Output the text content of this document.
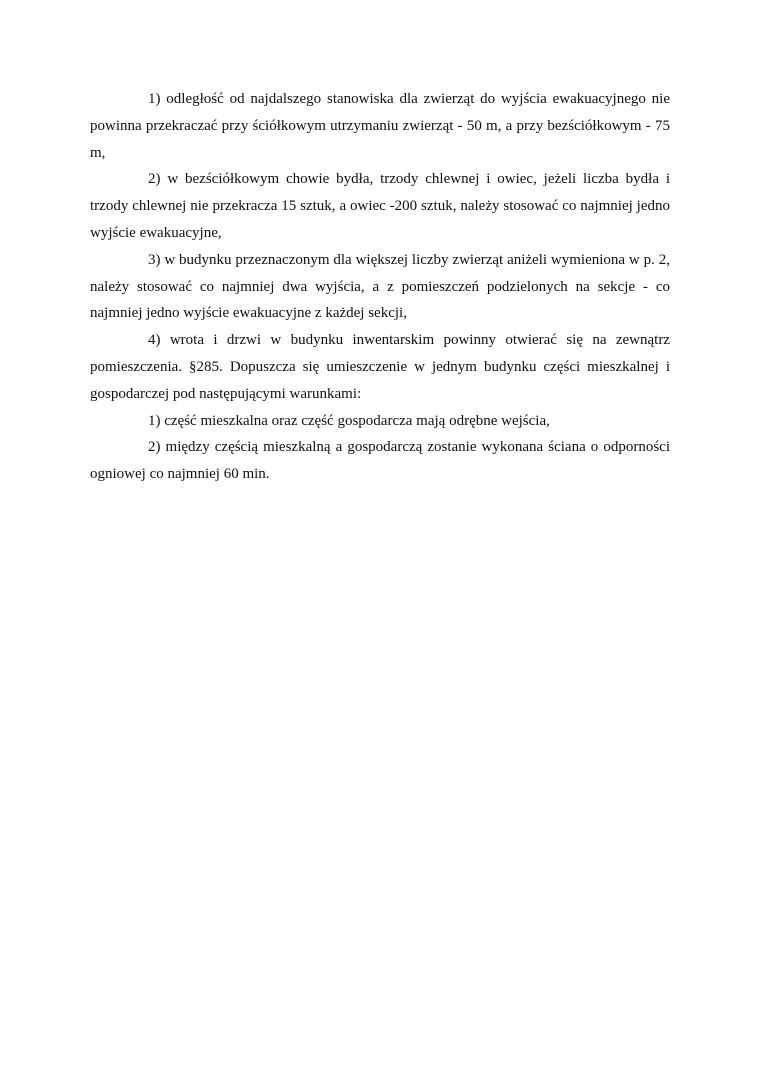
1) odległość od najdalszego stanowiska dla zwierząt do wyjścia ewakuacyjnego nie powinna przekraczać przy ściółkowym utrzymaniu zwierząt - 50 m, a przy bezściółkowym - 75 m,

2) w bezściółkowym chowie bydła, trzody chlewnej i owiec, jeżeli liczba bydła i trzody chlewnej nie przekracza 15 sztuk, a owiec -200 sztuk, należy stosować co najmniej jedno wyjście ewakuacyjne,

3) w budynku przeznaczonym dla większej liczby zwierząt aniżeli wymieniona w p. 2, należy stosować co najmniej dwa wyjścia, a z pomieszczeń podzielonych na sekcje - co najmniej jedno wyjście ewakuacyjne z każdej sekcji,

4) wrota i drzwi w budynku inwentarskim powinny otwierać się na zewnątrz pomieszczenia. §285. Dopuszcza się umieszczenie w jednym budynku części mieszkalnej i gospodarczej pod następującymi warunkami:

1) część mieszkalna oraz część gospodarcza mają odrębne wejścia,

2) między częścią mieszkalną a gospodarczą zostanie wykonana ściana o odporności ogniowej co najmniej 60 min.
